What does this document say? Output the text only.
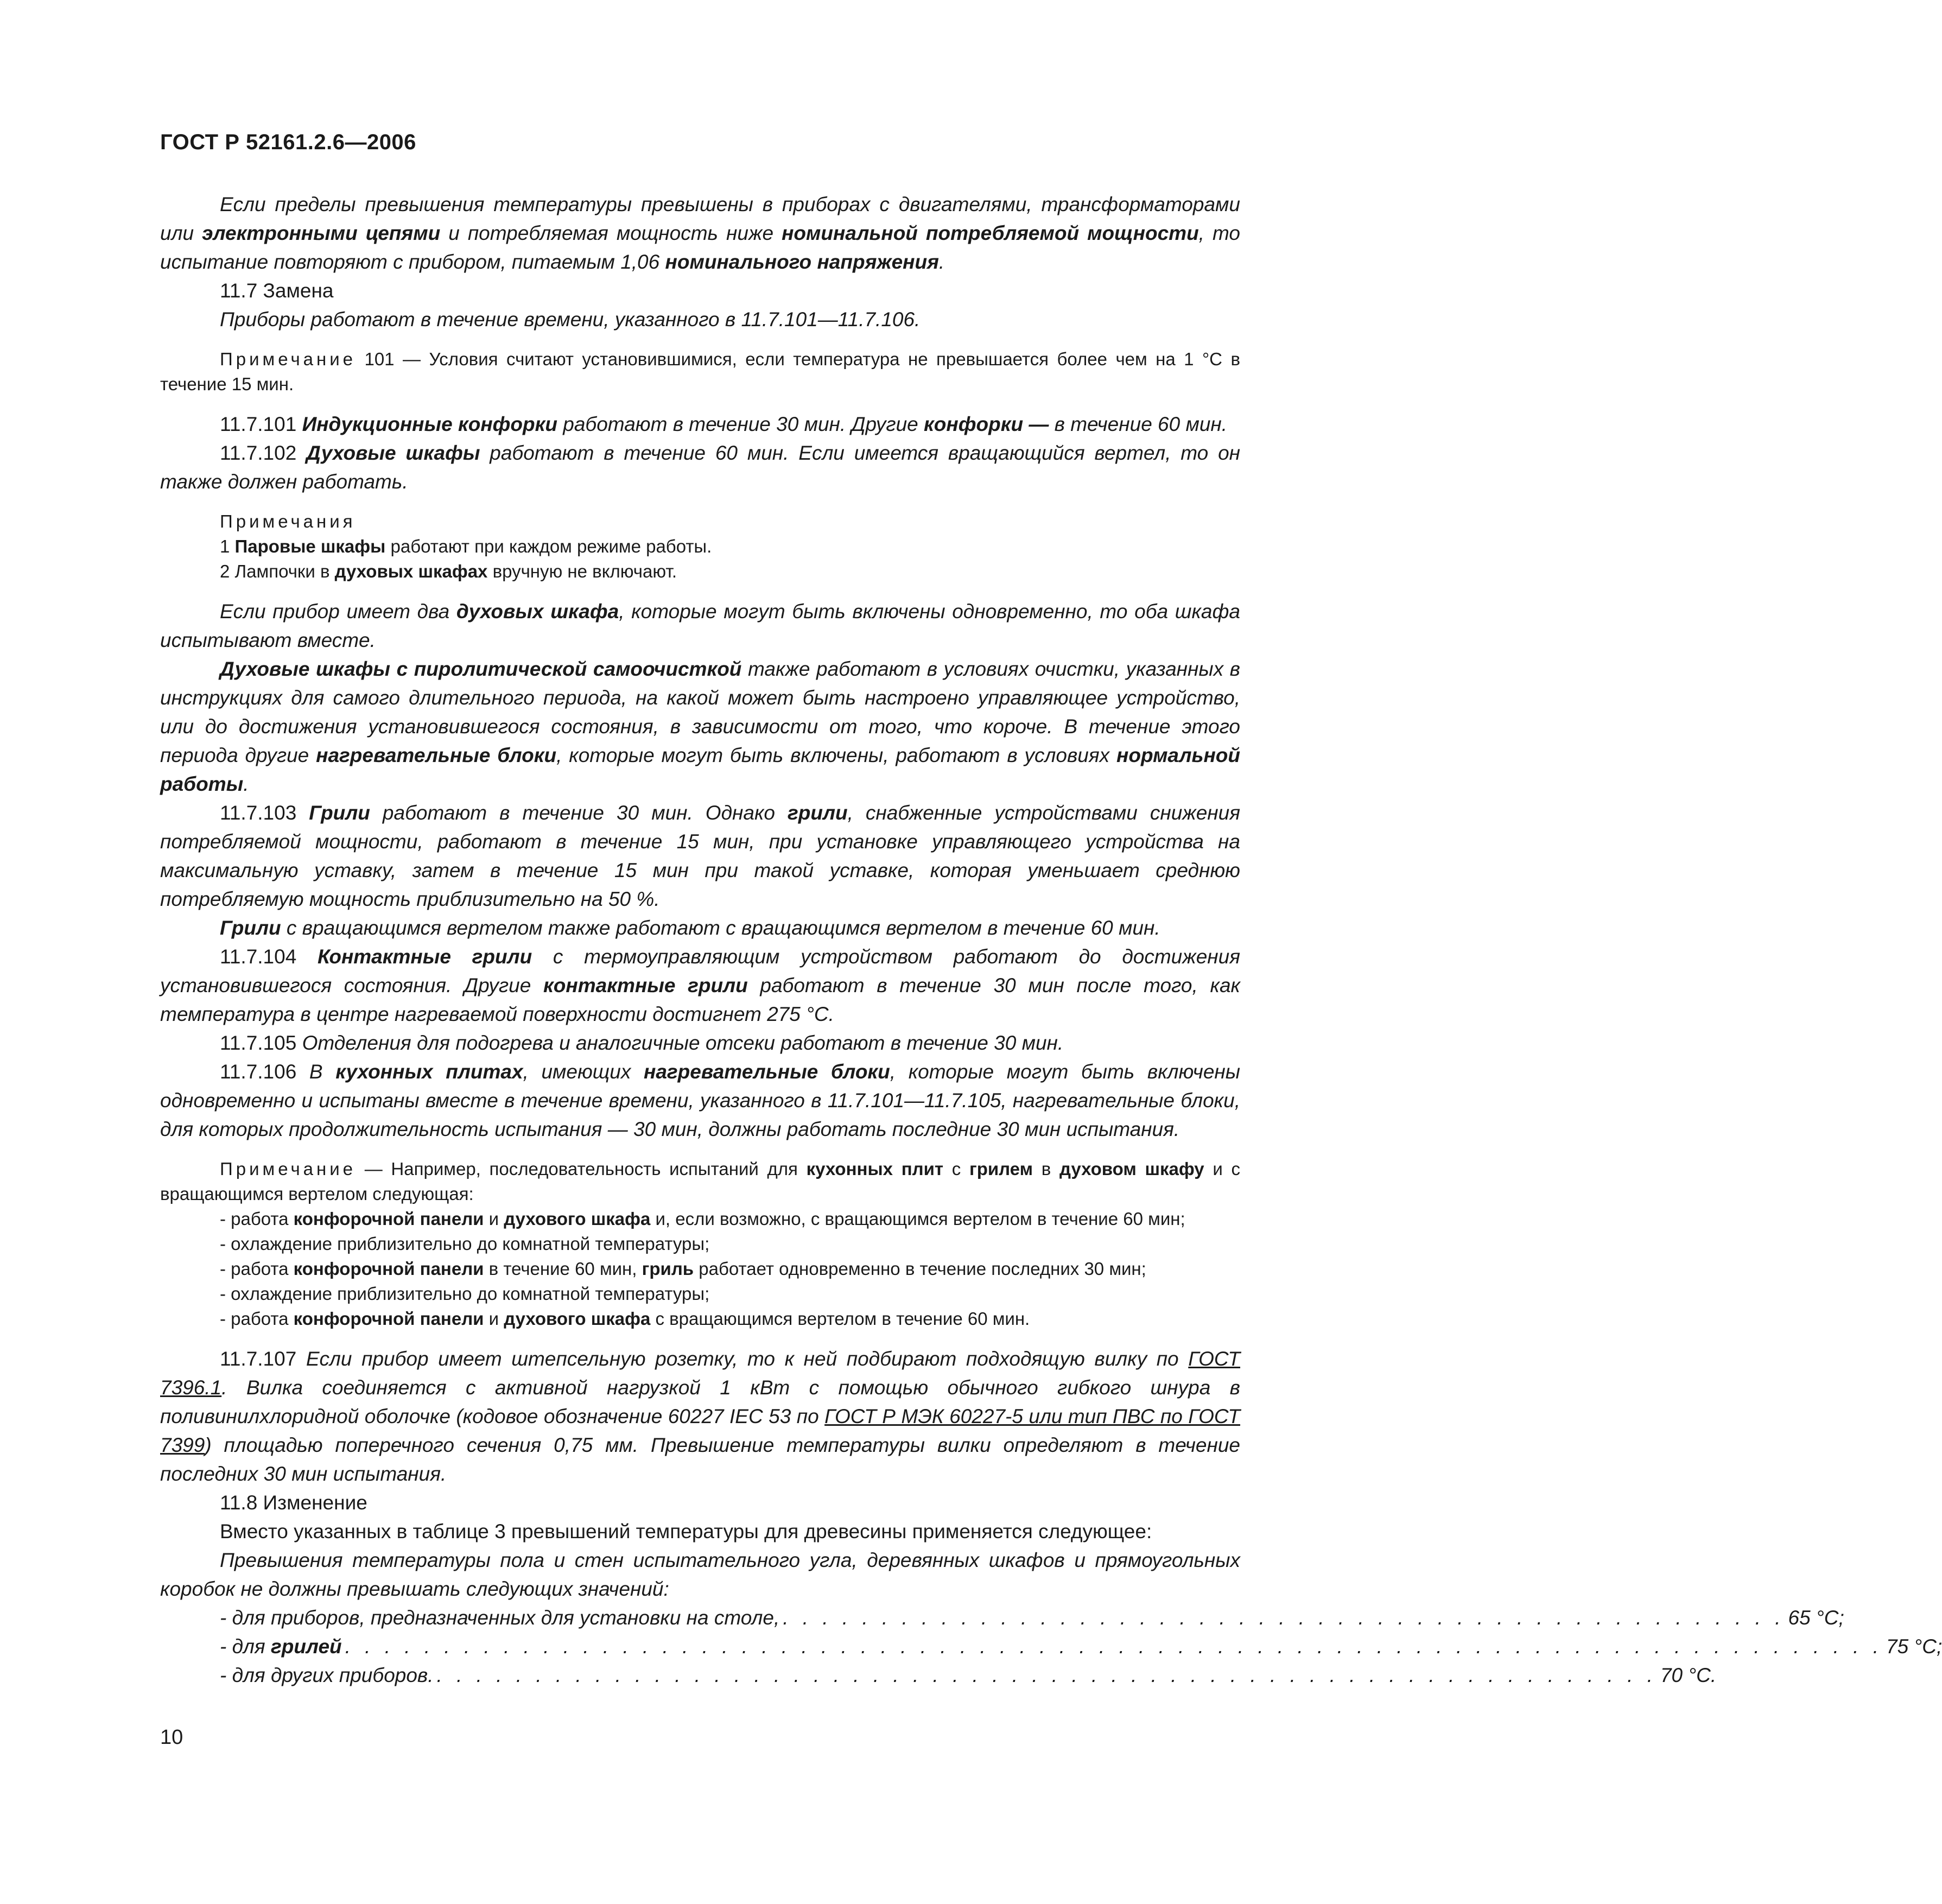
ГОСТ Р 52161.2.6—2006

Если пределы превышения температуры превышены в приборах с двигателями, трансформаторами или электронными цепями и потребляемая мощность ниже номинальной потребляемой мощности, то испытание повторяют с прибором, питаемым 1,06 номинального напряжения.

11.7 Замена

Приборы работают в течение времени, указанного в 11.7.101—11.7.106.

Примечание 101 — Условия считают установившимися, если температура не превышается более чем на 1 °С в течение 15 мин.

11.7.101 Индукционные конфорки работают в течение 30 мин. Другие конфорки — в течение 60 мин.

11.7.102 Духовые шкафы работают в течение 60 мин. Если имеется вращающийся вертел, то он также должен работать.

Примечания

1 Паровые шкафы работают при каждом режиме работы.

2 Лампочки в духовых шкафах вручную не включают.

Если прибор имеет два духовых шкафа, которые могут быть включены одновременно, то оба шкафа испытывают вместе.

Духовые шкафы с пиролитической самоочисткой также работают в условиях очистки, указанных в инструкциях для самого длительного периода, на какой может быть настроено управляющее устройство, или до достижения установившегося состояния, в зависимости от того, что короче. В течение этого периода другие нагревательные блоки, которые могут быть включены, работают в условиях нормальной работы.

11.7.103 Грили работают в течение 30 мин. Однако грили, снабженные устройствами снижения потребляемой мощности, работают в течение 15 мин, при установке управляющего устройства на максимальную уставку, затем в течение 15 мин при такой уставке, которая уменьшает среднюю потребляемую мощность приблизительно на 50 %.

Грили с вращающимся вертелом также работают с вращающимся вертелом в течение 60 мин.

11.7.104 Контактные грили с термоуправляющим устройством работают до достижения установившегося состояния. Другие контактные грили работают в течение 30 мин после того, как температура в центре нагреваемой поверхности достигнет 275 °С.

11.7.105 Отделения для подогрева и аналогичные отсеки работают в течение 30 мин.

11.7.106 В кухонных плитах, имеющих нагревательные блоки, которые могут быть включены одновременно и испытаны вместе в течение времени, указанного в 11.7.101—11.7.105, нагревательные блоки, для которых продолжительность испытания — 30 мин, должны работать последние 30 мин испытания.

Примечание — Например, последовательность испытаний для кухонных плит с грилем в духовом шкафу и с вращающимся вертелом следующая:

- работа конфорочной панели и духового шкафа и, если возможно, с вращающимся вертелом в течение 60 мин;

- охлаждение приблизительно до комнатной температуры;

- работа конфорочной панели в течение 60 мин, гриль работает одновременно в течение последних 30 мин;

- охлаждение приблизительно до комнатной температуры;

- работа конфорочной панели и духового шкафа с вращающимся вертелом в течение 60 мин.

11.7.107 Если прибор имеет штепсельную розетку, то к ней подбирают подходящую вилку по ГОСТ 7396.1. Вилка соединяется с активной нагрузкой 1 кВт с помощью обычного гибкого шнура в поливинилхлоридной оболочке (кодовое обозначение 60227 IEC 53 по ГОСТ Р МЭК 60227-5 или тип ПВС по ГОСТ 7399) площадью поперечного сечения 0,75 мм. Превышение температуры вилки определяют в течение последних 30 мин испытания.

11.8 Изменение

Вместо указанных в таблице 3 превышений температуры для древесины применяется следующее:

Превышения температуры пола и стен испытательного угла, деревянных шкафов и прямоугольных коробок не должны превышать следующих значений:

- для приборов, предназначенных для установки на столе, . . . . . . . . . . . . . . . . . . . . . . . . . . . . . . . . . . . . . . . . . . . . . . . . . . . 65 °С;
- для грилей . . . . . . . . . . . . . . . . . . . . . . . . . . . . . . . . . . . . . . . . . . . . . . . . . . . . . . . . . . . . . . . . . . . . . . . . . . . . . . 75 °С;
- для других приборов. . . . . . . . . . . . . . . . . . . . . . . . . . . . . . . . . . . . . . . . . . . . . . . . . . . . . . . . . . . . . . . 70 °С.
10
